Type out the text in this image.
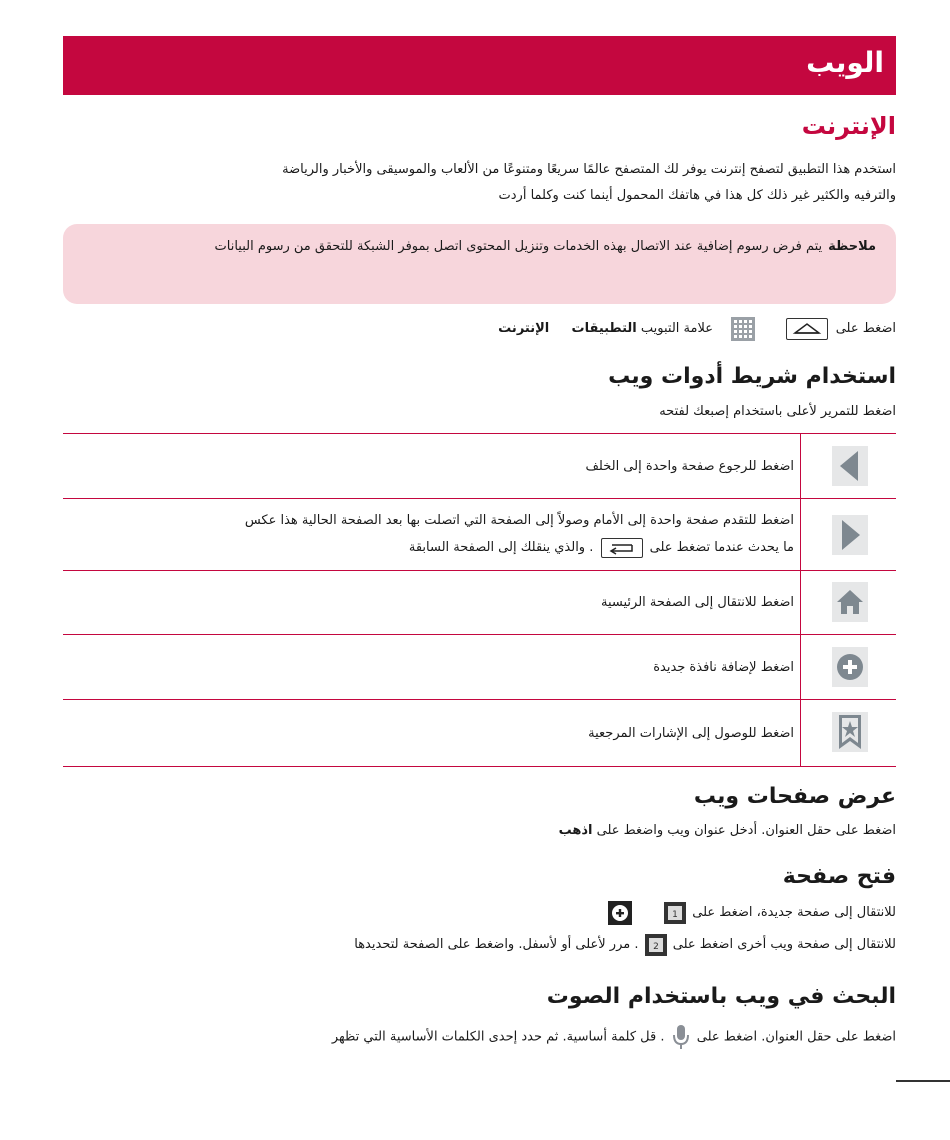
الويب
الإنترنت
استخدم هذا التطبيق لتصفح إنترنت يوفر لك المتصفح عالمًا سريعًا ومتنوعًا من الألعاب والموسيقى والأخبار والرياضة
والترفيه والكثير غير ذلك كل هذا في هاتفك المحمول أينما كنت وكلما أردت
اضغط على     علامة التبويب التطبيقات  الإنترنت
استخدام شريط أدوات ويب
اضغط للتمرير لأعلى باستخدام إصبعك لفتحه
عرض صفحات ويب
اضغط على حقل العنوان. أدخل عنوان ويب واضغط على اذهب
فتح صفحة
للانتقال إلى صفحة جديدة، اضغط على
1

للانتقال إلى صفحة ويب أخرى اضغط على
2
. مرر لأعلى أو لأسفل. واضغط على الصفحة لتحديدها
البحث في ويب باستخدام الصوت
اضغط على حقل العنوان. اضغط على  . قل كلمة أساسية. ثم حدد إحدى الكلمات الأساسية التي تظهر
ملاحظةيتم فرض رسوم إضافية عند الاتصال بهذه الخدمات وتنزيل المحتوى اتصل بموفر الشبكة للتحقق من رسوم البيانات
اضغط للرجوع صفحة واحدة إلى الخلف
اضغط للتقدم صفحة واحدة إلى الأمام وصولاً إلى الصفحة التي اتصلت بها بعد الصفحة الحالية هذا عكس
ما يحدث عندما تضغط على  . والذي ينقلك إلى الصفحة السابقة
اضغط للانتقال إلى الصفحة الرئيسية
اضغط لإضافة نافذة جديدة
اضغط للوصول إلى الإشارات المرجعية
